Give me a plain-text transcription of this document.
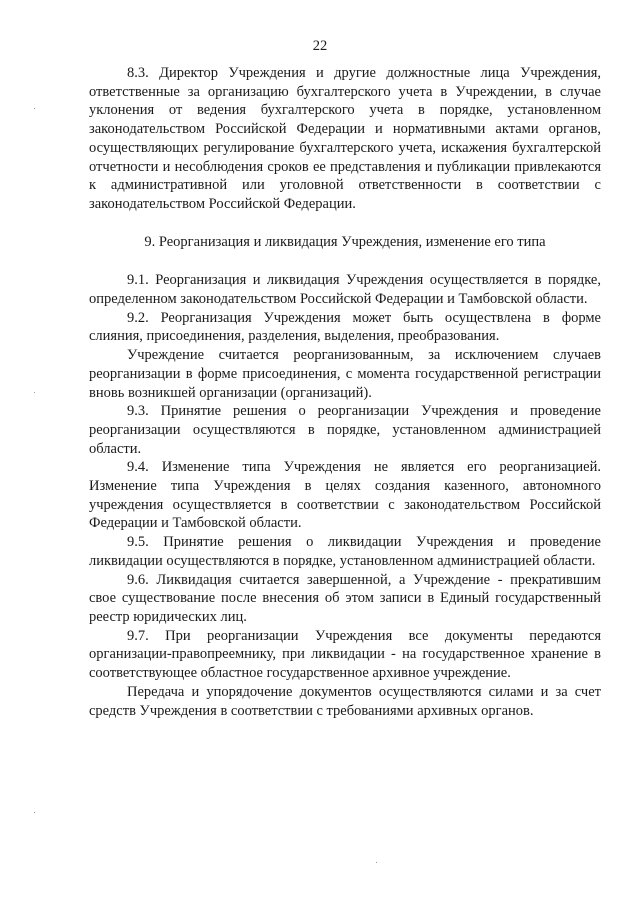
22

8.3. Директор Учреждения и другие должностные лица Учреждения, ответственные за организацию бухгалтерского учета в Учреждении, в случае уклонения от ведения бухгалтерского учета в порядке, установленном законодательством Российской Федерации и нормативными актами органов, осуществляющих регулирование бухгалтерского учета, искажения бухгалтерской отчетности и несоблюдения сроков ее представления и публикации привлекаются к административной или уголовной ответственности в соответствии с законодательством Российской Федерации.

9. Реорганизация и ликвидация Учреждения, изменение его типа

9.1. Реорганизация и ликвидация Учреждения осуществляется в порядке, определенном законодательством Российской Федерации и Тамбовской области.

9.2. Реорганизация Учреждения может быть осуществлена в форме слияния, присоединения, разделения, выделения, преобразования.

Учреждение считается реорганизованным, за исключением случаев реорганизации в форме присоединения, с момента государственной регистрации вновь возникшей организации (организаций).

9.3. Принятие решения о реорганизации Учреждения и проведение реорганизации осуществляются в порядке, установленном администрацией области.

9.4. Изменение типа Учреждения не является его реорганизацией. Изменение типа Учреждения в целях создания казенного, автономного учреждения осуществляется в соответствии с законодательством Российской Федерации и Тамбовской области.

9.5. Принятие решения о ликвидации Учреждения и проведение ликвидации осуществляются в порядке, установленном администрацией области.

9.6. Ликвидация считается завершенной, а Учреждение - прекратившим свое существование после внесения об этом записи в Единый государственный реестр юридических лиц.

9.7. При реорганизации Учреждения все документы передаются организации-правопреемнику, при ликвидации - на государственное хранение в соответствующее областное государственное архивное учреждение.

Передача и упорядочение документов осуществляются силами и за счет средств Учреждения в соответствии с требованиями архивных органов.
